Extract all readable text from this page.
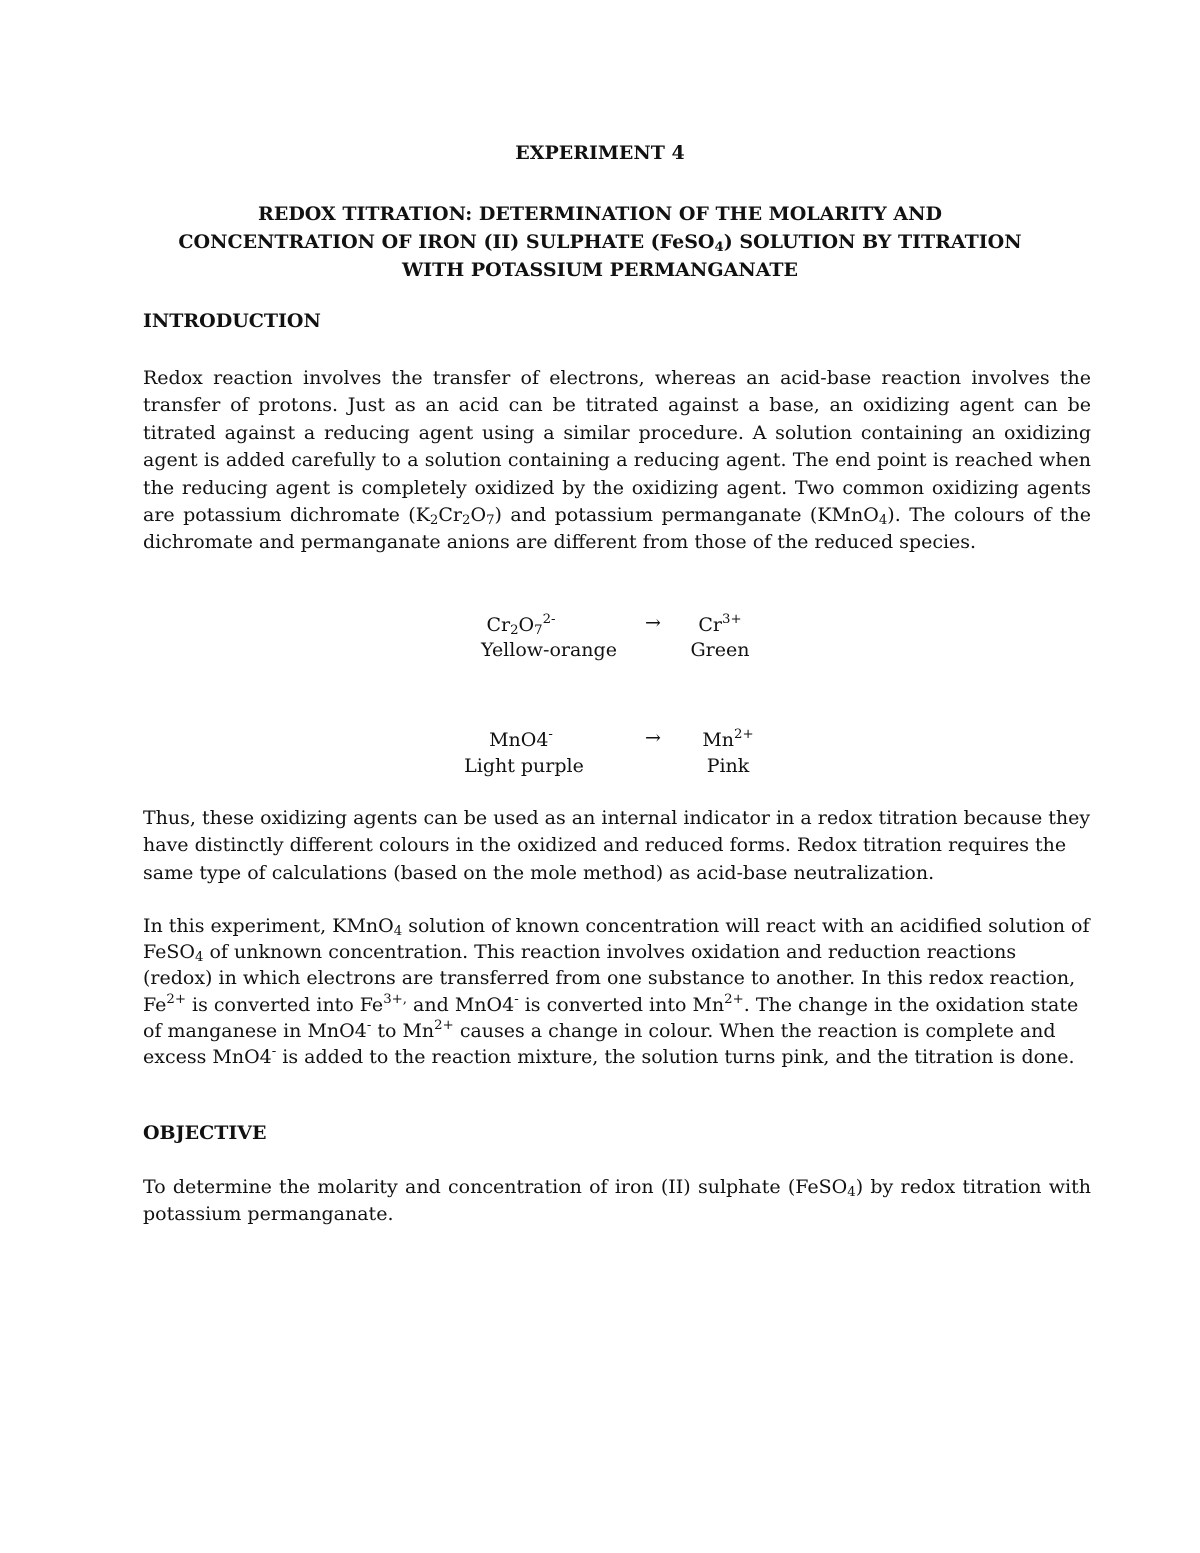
EXPERIMENT 4
REDOX TITRATION: DETERMINATION OF THE MOLARITY AND
CONCENTRATION OF IRON (II) SULPHATE (FeSO$_4$) SOLUTION BY TITRATION
WITH POTASSIUM PERMANGANATE
INTRODUCTION
Redox reaction involves the transfer of electrons, whereas an acid-base reaction involves the transfer of protons. Just as an acid can be titrated against a base, an oxidizing agent can be titrated against a reducing agent using a similar procedure. A solution containing an oxidizing agent is added carefully to a solution containing a reducing agent. The end point is reached when the reducing agent is completely oxidized by the oxidizing agent. Two common oxidizing agents are potassium dichromate $(K_2Cr_2O_7)$ and potassium permanganate (KMnO$_4$). The colours of the dichromate and permanganate anions are different from those of the reduced species.
$Cr_2O_7^{2-}$	→	$Cr^{3+}$
Yellow-orange	Green
MnO4-	→	$Mn^{2+}$
Light purple	Pink
Thus, these oxidizing agents can be used as an internal indicator in a redox titration because they have distinctly different colours in the oxidized and reduced forms. Redox titration requires the same type of calculations (based on the mole method) as acid-base neutralization.
In this experiment, KMnO$_4$ solution of known concentration will react with an acidified solution of FeSO$_4$ of unknown concentration. This reaction involves oxidation and reduction reactions (redox) in which electrons are transferred from one substance to another. In this redox reaction, $Fe^{2+}$ is converted into $Fe^{3+,}$ and MnO4- is converted into $Mn^{2+}$. The change in the oxidation state of manganese in MnO4- to $Mn^{2+}$ causes a change in colour. When the reaction is complete and excess MnO4- is added to the reaction mixture, the solution turns pink, and the titration is done.
OBJECTIVE
To determine the molarity and concentration of iron (II) sulphate (FeSO$_4$) by redox titration with potassium permanganate.
